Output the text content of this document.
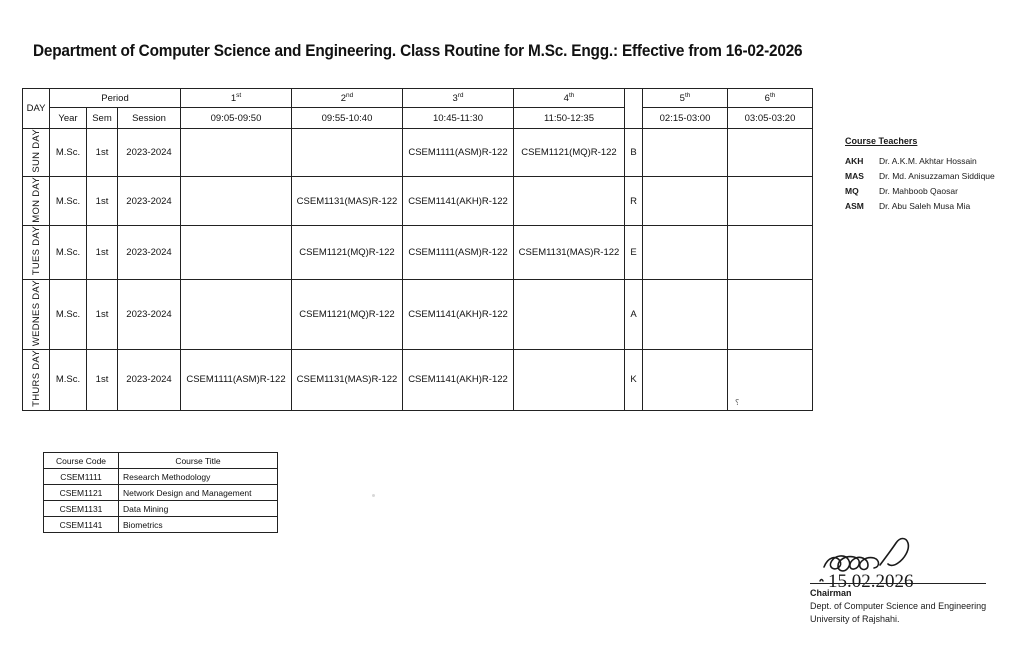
Department of Computer Science and Engineering. Class Routine for M.Sc. Engg.: Effective from 16-02-2026
DAY	Period			1st	2nd	3rd	4th		5th	6th
	Year	Sem	Session	09:05-09:50	09:55-10:40	10:45-11:30	11:50-12:35		02:15-03:00	03:05-03:20
SUN DAY	M.Sc.	1st	2023-2024			CSEM1111(ASM)R-122	CSEM1121(MQ)R-122	B		
MON DAY	M.Sc.	1st	2023-2024		CSEM1131(MAS)R-122	CSEM1141(AKH)R-122		R		
TUES DAY	M.Sc.	1st	2023-2024		CSEM1121(MQ)R-122	CSEM1111(ASM)R-122	CSEM1131(MAS)R-122	E		
WEDNES DAY	M.Sc.	1st	2023-2024		CSEM1121(MQ)R-122	CSEM1141(AKH)R-122		A		
THURS DAY	M.Sc.	1st	2023-2024	CSEM1111(ASM)R-122	CSEM1131(MAS)R-122	CSEM1141(AKH)R-122		K		
Course Teachers
AKH	Dr. A.K.M. Akhtar Hossain
MAS	Dr. Md. Anisuzzaman Siddique
MQ	Dr. Mahboob Qaosar
ASM	Dr. Abu Saleh Musa Mia
Course Code	Course Title
CSEM1111	Research Methodology
CSEM1121	Network Design and Management
CSEM1131	Data Mining
CSEM1141	Biometrics
⸮
15.02.2026
Chairman
Dept. of Computer Science and Engineering
University of Rajshahi.
